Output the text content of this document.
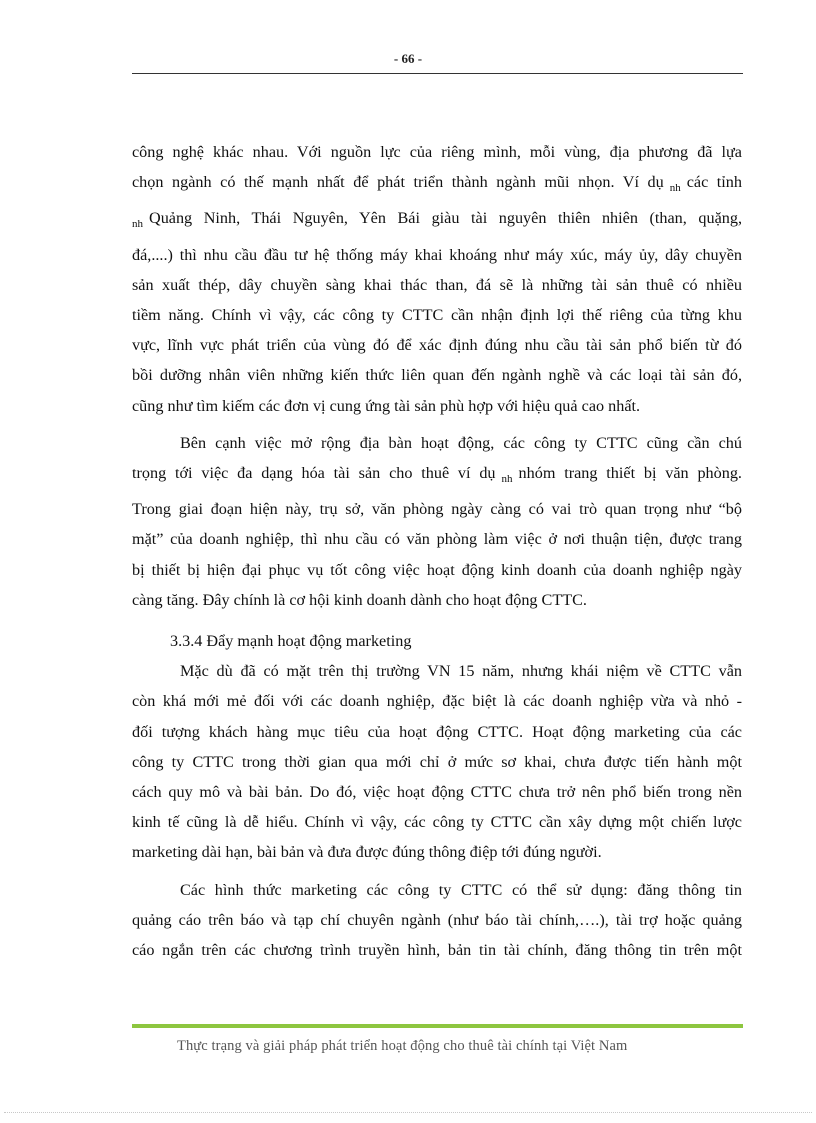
- 66 -
công nghệ khác nhau. Với nguồn lực của riêng mình, mỗi vùng, địa phương đã lựa
chọn ngành có thế mạnh nhất để phát triển thành ngành mũi nhọn. Ví dụ $_{nh}$ các tỉnh
$_{nh}$ Quảng Ninh, Thái Nguyên, Yên Bái giàu tài nguyên thiên nhiên (than, quặng,
đá,....) thì nhu cầu đầu tư hệ thống máy khai khoáng như máy xúc, máy ủy, dây chuyền
sản xuất thép, dây chuyền sàng khai thác than, đá sẽ là những tài sản thuê có nhiều
tiềm năng. Chính vì vậy, các công ty CTTC cần nhận định lợi thế riêng của từng khu
vực, lĩnh vực phát triển của vùng đó để xác định đúng nhu cầu tài sản phổ biến từ đó
bồi dưỡng nhân viên những kiến thức liên quan đến ngành nghề và các loại tài sản đó,
cũng như tìm kiếm các đơn vị cung ứng tài sản phù hợp với hiệu quả cao nhất.
Bên cạnh việc mở rộng địa bàn hoạt động, các công ty CTTC cũng cần chú
trọng tới việc đa dạng hóa tài sản cho thuê ví dụ $_{nh}$ nhóm trang thiết bị văn phòng.
Trong giai đoạn hiện này, trụ sở, văn phòng ngày càng có vai trò quan trọng như “bộ
mặt” của doanh nghiệp, thì nhu cầu có văn phòng làm việc ở nơi thuận tiện, được trang
bị thiết bị hiện đại phục vụ tốt công việc hoạt động kinh doanh của doanh nghiệp ngày
càng tăng. Đây chính là cơ hội kinh doanh dành cho hoạt động CTTC.
3.3.4 Đẩy mạnh hoạt động marketing
Mặc dù đã có mặt trên thị trường VN 15 năm, nhưng khái niệm về CTTC vẫn
còn khá mới mẻ đối với các doanh nghiệp, đặc biệt là các doanh nghiệp vừa và nhỏ -
đối tượng khách hàng mục tiêu của hoạt động CTTC. Hoạt động marketing của các
công ty CTTC trong thời gian qua mới chỉ ở mức sơ khai, chưa được tiến hành một
cách quy mô và bài bản. Do đó, việc hoạt động CTTC chưa trở nên phổ biến trong nền
kinh tế cũng là dễ hiểu. Chính vì vậy, các công ty CTTC cần xây dựng một chiến lược
marketing dài hạn, bài bản và đưa được đúng thông điệp tới đúng người.
Các hình thức marketing các công ty CTTC có thể sử dụng: đăng thông tin
quảng cáo trên báo và tạp chí chuyên ngành (như báo tài chính,….), tài trợ hoặc quảng
cáo ngắn trên các chương trình truyền hình, bản tin tài chính, đăng thông tin trên một
Thực trạng và giải pháp phát triển hoạt động cho thuê tài chính tại Việt Nam
